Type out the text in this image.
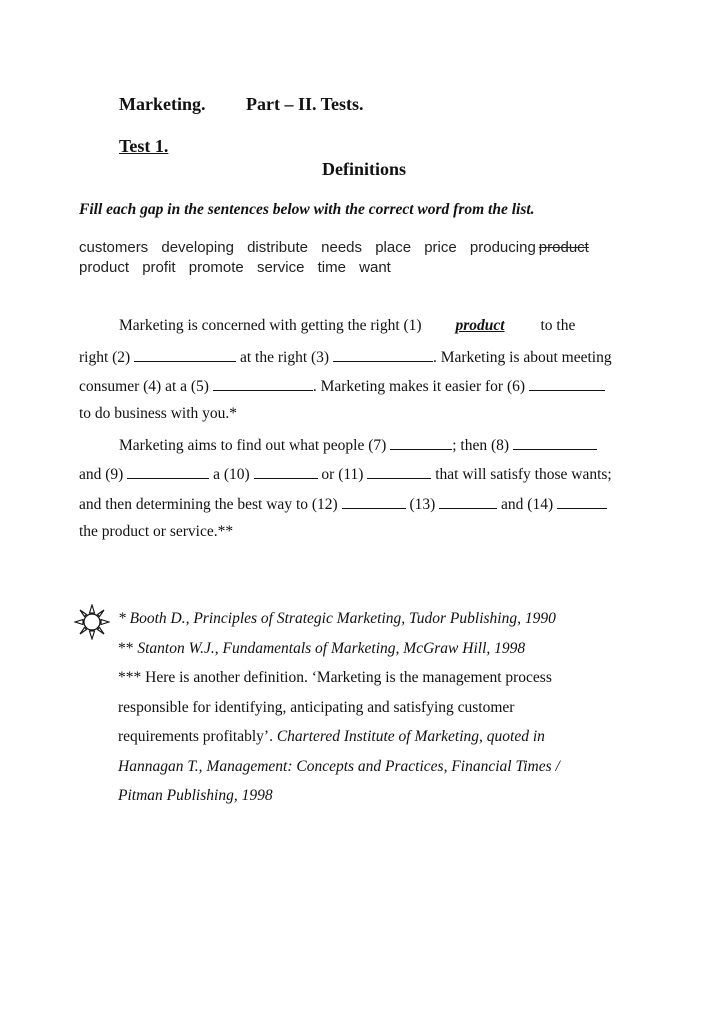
Marketing. Part – II. Tests.
Test 1.
Definitions
Fill each gap in the sentences below with the correct word from the list.
customers developing distribute needs place price producing product
product profit promote service time want
Marketing is concerned with getting the right (1) product to the
right (2)	at the right (3)	. Marketing is about meeting
consumer (4) at a (5)	. Marketing makes it easier for (6)
to do business with you.*
Marketing aims to find out what people (7)	; then (8)
and (9)	a (10)	or (11)	that will satisfy those wants;
and then determining the best way to (12)	(13)	and (14)
the product or service.**
* Booth D., Principles of Strategic Marketing, Tudor Publishing, 1990
** Stanton W.J., Fundamentals of Marketing, McGraw Hill, 1998
*** Here is another definition. ‘Marketing is the management process
responsible for identifying, anticipating and satisfying customer
requirements profitably’. Chartered Institute of Marketing, quoted in
Hannagan T., Management: Concepts and Practices, Financial Times /
Pitman Publishing, 1998
